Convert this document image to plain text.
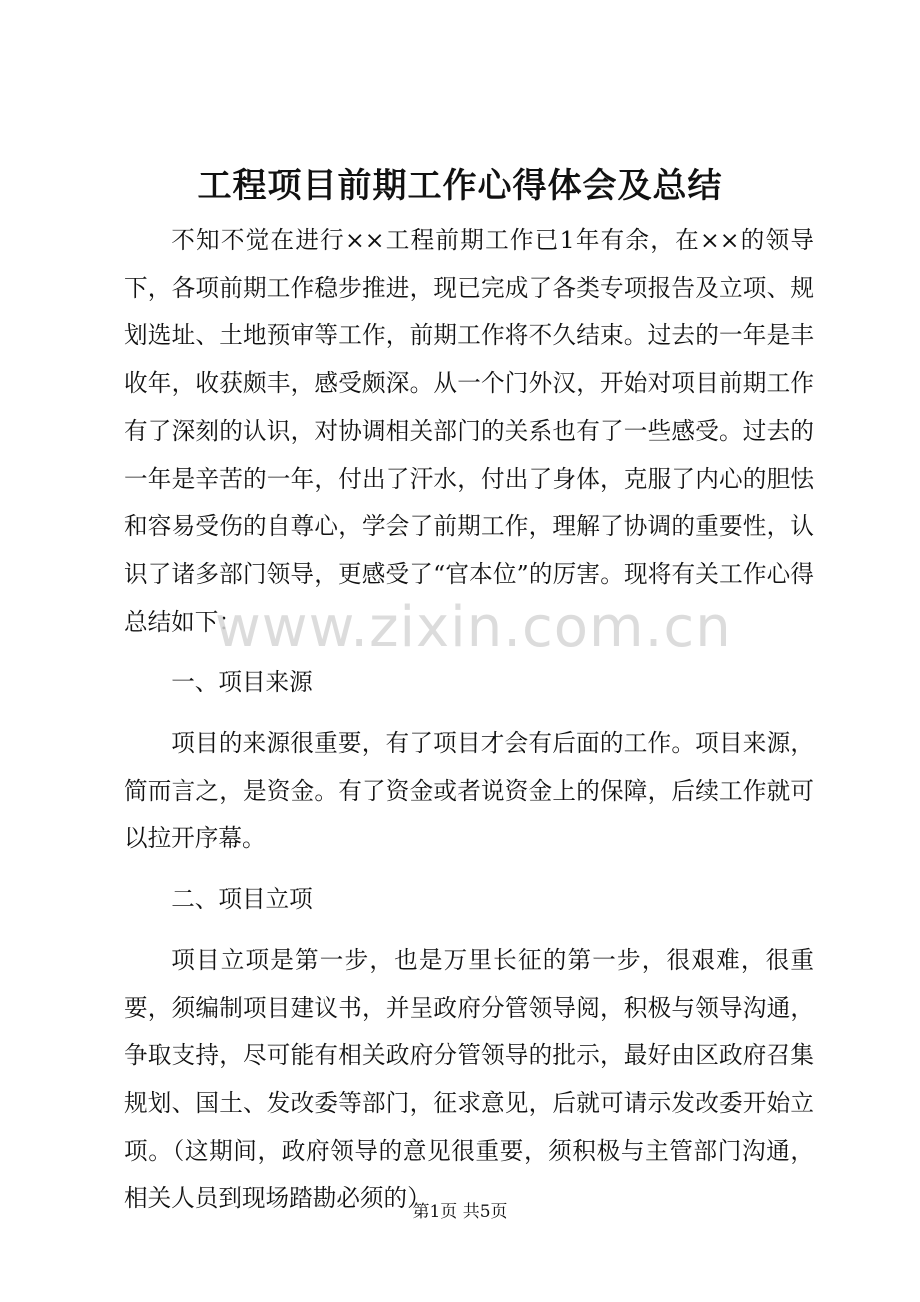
工程项目前期工作心得体会及总结

不知不觉在进行××工程前期工作已1年有余，在××的领导下，各项前期工作稳步推进，现已完成了各类专项报告及立项、规划选址、土地预审等工作，前期工作将不久结束。过去的一年是丰收年，收获颇丰，感受颇深。从一个门外汉，开始对项目前期工作有了深刻的认识，对协调相关部门的关系也有了一些感受。过去的一年是辛苦的一年，付出了汗水，付出了身体，克服了内心的胆怯和容易受伤的自尊心，学会了前期工作，理解了协调的重要性，认识了诸多部门领导，更感受了“官本位”的厉害。现将有关工作心得总结如下：

一、项目来源

项目的来源很重要，有了项目才会有后面的工作。项目来源，简而言之，是资金。有了资金或者说资金上的保障，后续工作就可以拉开序幕。

二、项目立项

项目立项是第一步，也是万里长征的第一步，很艰难，很重要，须编制项目建议书，并呈政府分管领导阅，积极与领导沟通，争取支持，尽可能有相关政府分管领导的批示，最好由区政府召集规划、国土、发改委等部门，征求意见，后就可请示发改委开始立项。（这期间，政府领导的意见很重要，须积极与主管部门沟通，相关人员到现场踏勘必须的）

www.zixin.com.cn
第1页 共5页
